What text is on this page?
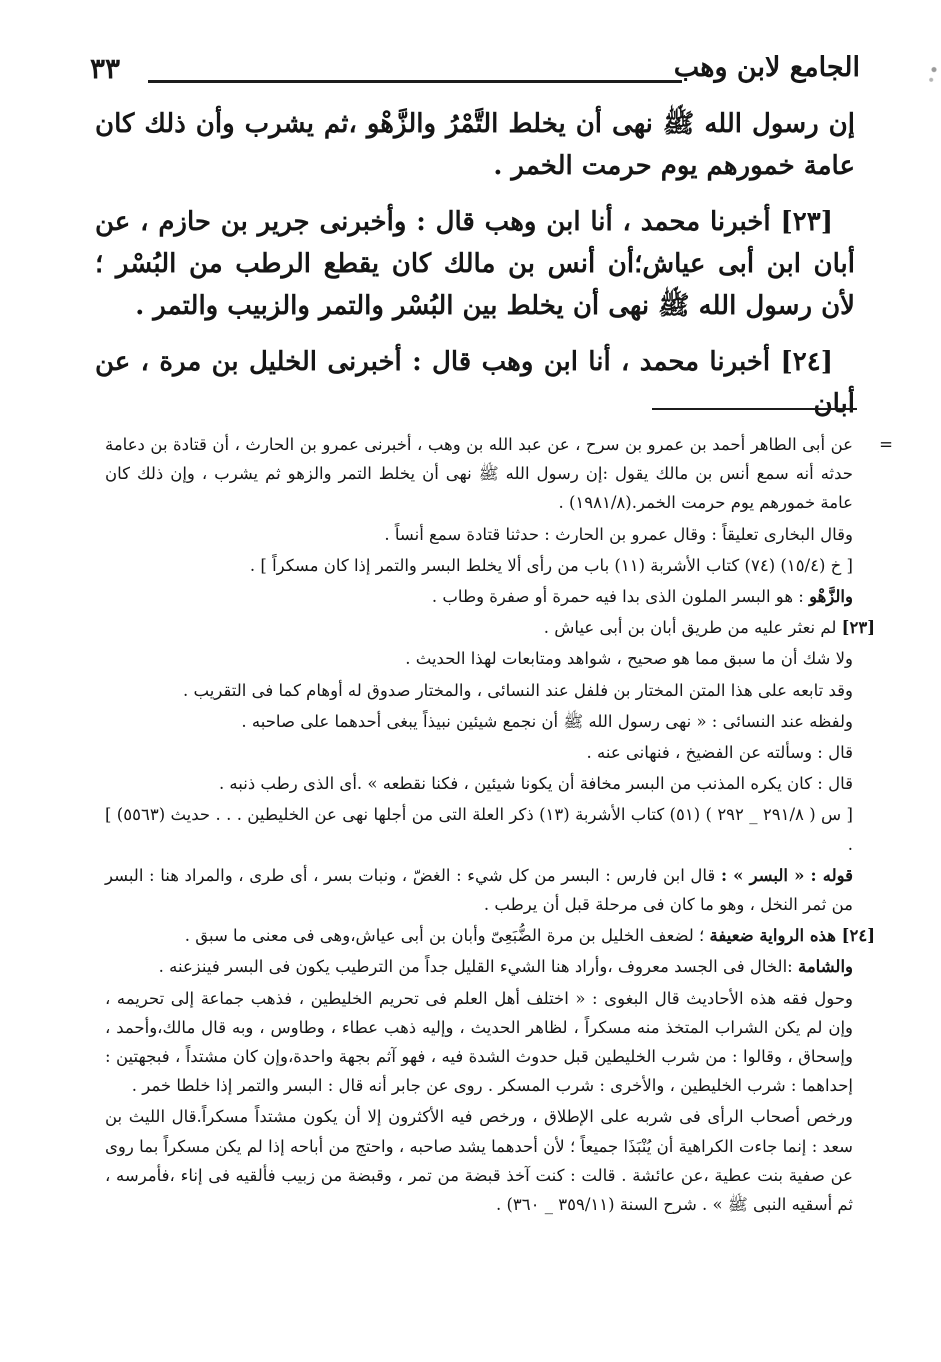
الجامع لابن وهب
٣٣

إن رسول الله ﷺ نهى أن يخلط التَّمْرُ والزَّهْو ،ثم يشرب وأن ذلك كان عامة خمورهم يوم حرمت الخمر .

[٢٣] أخبرنا محمد ، أنا ابن وهب قال : وأخبرنى جرير بن حازم ، عن أبان ابن أبى عياش؛أن أنس بن مالك كان يقطع الرطب من البُسْر ؛ لأن رسول الله ﷺ نهى أن يخلط بين البُسْر والتمر والزبيب والتمر .

[٢٤] أخبرنا محمد ، أنا ابن وهب قال : أخبرنى الخليل بن مرة ، عن أبان

=
عن أبى الطاهر أحمد بن عمرو بن سرح ، عن عبد الله بن وهب ، أخبرنى عمرو بن الحارث ، أن قتادة بن دعامة حدثه أنه سمع أنس بن مالك يقول :إن رسول الله ﷺ نهى أن يخلط التمر والزهو ثم يشرب ، وإن ذلك كان عامة خمورهم يوم حرمت الخمر.(١٩٨١/٨) .

وقال البخارى تعليقاً : وقال عمرو بن الحارث : حدثنا قتادة سمع أنساً .

[ خ (١٥/٤) (٧٤) كتاب الأشربة (١١) باب من رأى ألا يخلط البسر والتمر إذا كان مسكراً ] .

والزَّهْو : هو البسر الملون الذى بدا فيه حمرة أو صفرة وطاب .

[٢٣] لم نعثر عليه من طريق أبان بن أبى عياش .

ولا شك أن ما سبق مما هو صحيح ، شواهد ومتابعات لهذا الحديث .

وقد تابعه على هذا المتن المختار بن فلفل عند النسائى ، والمختار صدوق له أوهام كما فى التقريب .

ولفظه عند النسائى : « نهى رسول الله ﷺ أن نجمع شيئين نبيذاً يبغى أحدهما على صاحبه .

قال : وسألته عن الفضيخ ، فنهانى عنه .

قال : كان يكره المذنب من البسر مخافة أن يكونا شيئين ، فكنا نقطعه » .أى الذى رطب ذنبه .

[ س ( ٢٩١/٨ _ ٢٩٢ ) (٥١) كتاب الأشربة (١٣) ذكر العلة التى من أجلها نهى عن الخليطين . . . حديث (٥٥٦٣) ] .

قوله : « البسر » : قال ابن فارس : البسر من كل شيء : الغضّ ، ونبات بسر ، أى طرى ، والمراد هنا : البسر من ثمر النخل ، وهو ما كان فى مرحلة قبل أن يرطب .

[٢٤] هذه الرواية ضعيفة ؛ لضعف الخليل بن مرة الضُّبَعِىّ وأبان بن أبى عياش،وهى فى معنى ما سبق .

والشامة :الخال فى الجسد معروف ،وأراد هنا الشيء القليل جداً من الترطيب يكون فى البسر فينزعنه .

وحول فقه هذه الأحاديث قال البغوى : « اختلف أهل العلم فى تحريم الخليطين ، فذهب جماعة إلى تحريمه ، وإن لم يكن الشراب المتخذ منه مسكراً ، لظاهر الحديث ، وإليه ذهب عطاء ، وطاوس ، وبه قال مالك،وأحمد ، وإسحاق ، وقالوا : من شرب الخليطين قبل حدوث الشدة فيه ، فهو آثم بجهة واحدة،وإن كان مشتداً ، فبجهتين : إحداهما : شرب الخليطين ، والأخرى : شرب المسكر . روى عن جابر أنه قال : البسر والتمر إذا خلطا خمر .

ورخص أصحاب الرأى فى شربه على الإطلاق ، ورخص فيه الأكثرون إلا أن يكون مشتداً مسكراً.قال الليث بن سعد : إنما جاءت الكراهية أن يُنْبَذَا جميعاً ؛ لأن أحدهما يشد صاحبه ، واحتج من أباحه إذا لم يكن مسكراً بما روى عن صفية بنت عطية ،عن عائشة . قالت : كنت آخذ قبضة من تمر ، وقبضة من زبيب فألقيه فى إناء ،فأمرسه ، ثم أسقيه النبى ﷺ » . شرح السنة (٣٥٩/١١ _ ٣٦٠) .
